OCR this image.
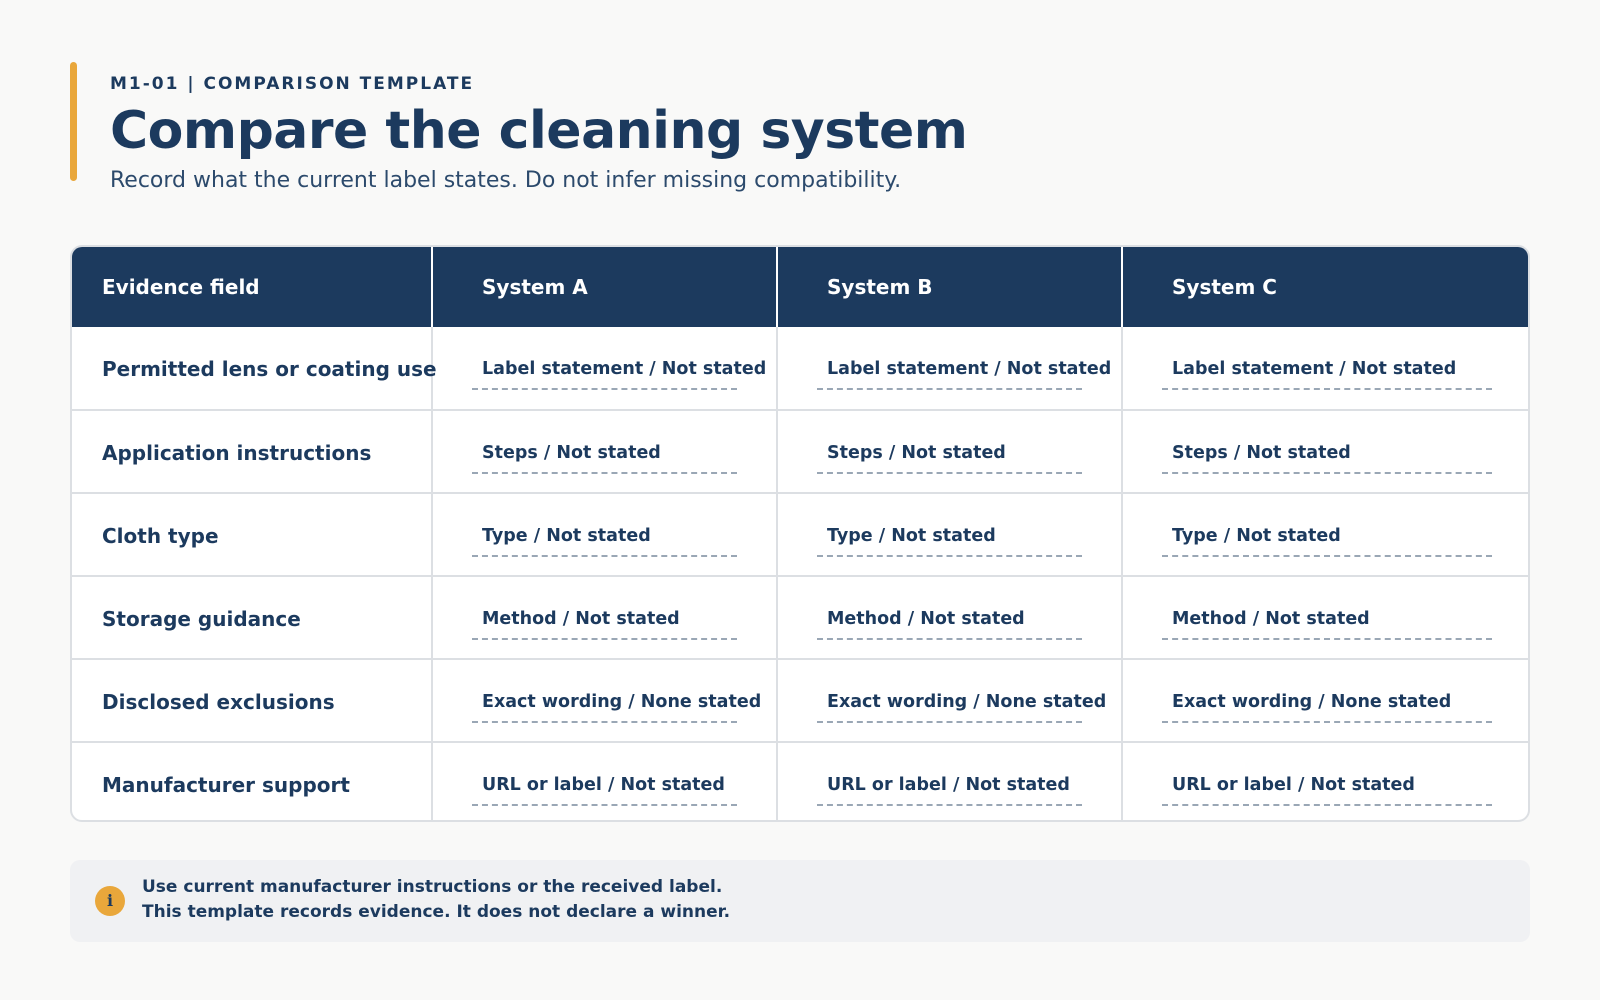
M1-01 | COMPARISON TEMPLATE
Compare the cleaning system
Record what the current label states. Do not infer missing compatibility.
Evidence field	System A	System B	System C

Permitted lens or coating use	Label statement / Not stated	Label statement / Not stated	Label statement / Not stated

Application instructions	Steps / Not stated	Steps / Not stated	Steps / Not stated

Cloth type	Type / Not stated	Type / Not stated	Type / Not stated

Storage guidance	Method / Not stated	Method / Not stated	Method / Not stated

Disclosed exclusions	Exact wording / None stated	Exact wording / None stated	Exact wording / None stated

Manufacturer support	URL or label / Not stated	URL or label / Not stated	URL or label / Not stated
i
Use current manufacturer instructions or the received label.
This template records evidence. It does not declare a winner.
